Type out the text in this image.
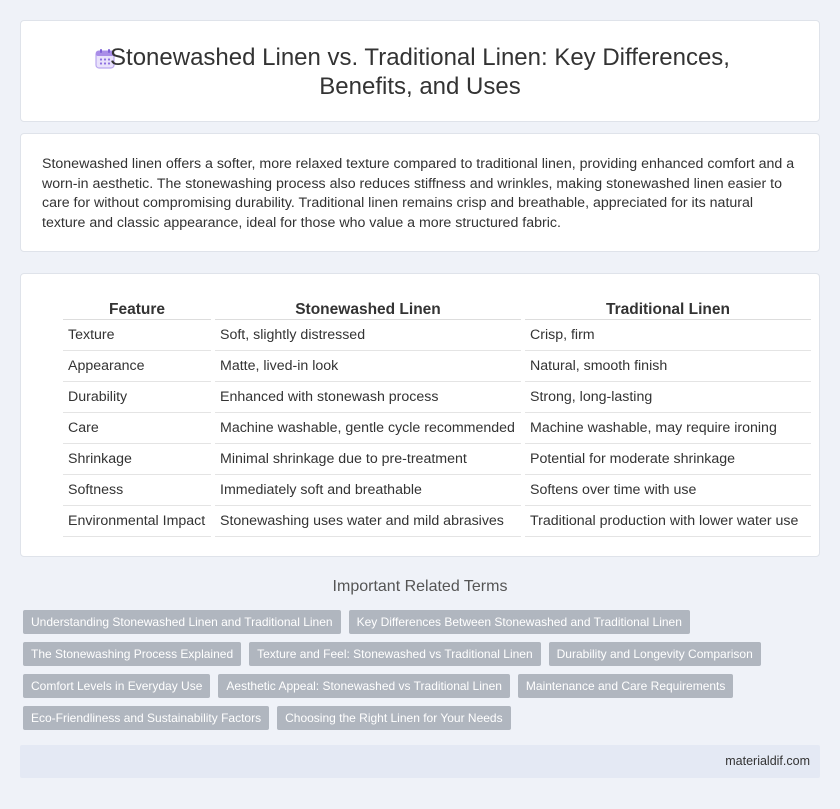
Stonewashed Linen vs. Traditional Linen: Key Differences,
Benefits, and Uses

Stonewashed linen offers a softer, more relaxed texture compared to traditional linen, providing enhanced comfort and a worn-in aesthetic. The stonewashing process also reduces stiffness and wrinkles, making stonewashed linen easier to care for without compromising durability. Traditional linen remains crisp and breathable, appreciated for its natural texture and classic appearance, ideal for those who value a more structured fabric.

Feature		Stonewashed Linen		Traditional Linen
Texture		Soft, slightly distressed		Crisp, firm
Appearance		Matte, lived-in look		Natural, smooth finish
Durability		Enhanced with stonewash process		Strong, long-lasting
Care		Machine washable, gentle cycle recommended		Machine washable, may require ironing
Shrinkage		Minimal shrinkage due to pre-treatment		Potential for moderate shrinkage
Softness		Immediately soft and breathable		Softens over time with use
Environmental Impact		Stonewashing uses water and mild abrasives		Traditional production with lower water use
Important Related Terms
Understanding Stonewashed Linen and Traditional Linen	Key Differences Between Stonewashed and Traditional Linen
The Stonewashing Process Explained	Texture and Feel: Stonewashed vs Traditional Linen	Durability and Longevity Comparison
Comfort Levels in Everyday Use	Aesthetic Appeal: Stonewashed vs Traditional Linen	Maintenance and Care Requirements
Eco-Friendliness and Sustainability Factors	Choosing the Right Linen for Your Needs
materialdif.com
